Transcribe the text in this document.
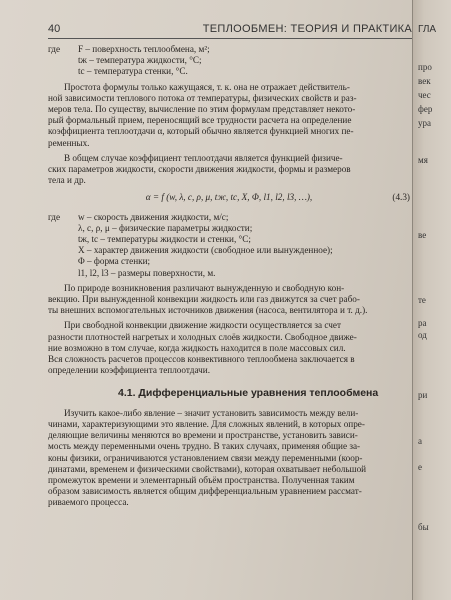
40	ТЕПЛООБМЕН: ТЕОРИЯ И ПРАКТИКА
где F – поверхность теплообмена, м²;
tж – температура жидкости, °C;
tc – температура стенки, °C.
Простота формулы только кажущаяся, т. к. она не отражает действитель-
ной зависимости теплового потока от температуры, физических свойств и раз-
меров тела. По существу, вычисление по этим формулам представляет некото-
рый формальный прием, переносящий все трудности расчета на определение
коэффициента теплоотдачи α, который обычно является функцией многих пе-
ременных.
В общем случае коэффициент теплоотдачи является функцией физиче-
ских параметров жидкости, скорости движения жидкости, формы и размеров
тела и др.
α = f (w, λ, c, ρ, μ, tж, tc, X, Φ, l1, l2, l3, …),	(4.3)
где w – скорость движения жидкости, м/с;
λ, c, ρ, μ – физические параметры жидкости;
tж, tc – температуры жидкости и стенки, °C;
X – характер движения жидкости (свободное или вынужденное);
Φ – форма стенки;
l1, l2, l3 – размеры поверхности, м.
По природе возникновения различают вынужденную и свободную кон-
векцию. При вынужденной конвекции жидкость или газ движутся за счет рабо-
ты внешних вспомогательных источников движения (насоса, вентилятора и т. д.).
При свободной конвекции движение жидкости осуществляется за счет
разности плотностей нагретых и холодных слоёв жидкости. Свободное движе-
ние возможно в том случае, когда жидкость находится в поле массовых сил.
Вся сложность расчетов процессов конвективного теплообмена заключается в
определении коэффициента теплоотдачи.
4.1. Дифференциальные уравнения теплообмена
Изучить какое-либо явление – значит установить зависимость между вели-
чинами, характеризующими это явление. Для сложных явлений, в которых опре-
деляющие величины меняются во времени и пространстве, установить зависи-
мость между переменными очень трудно. В таких случаях, применяя общие за-
коны физики, ограничиваются установлением связи между переменными (коор-
динатами, временем и физическими свойствами), которая охватывает небольшой
промежуток времени и элементарный объём пространства. Полученная таким
образом зависимость является общим дифференциальным уравнением рассмат-
риваемого процесса.
ГЛА
про
век
чес
фер
ура
мя
ве
те
ра
од
ри
а
е
бы
